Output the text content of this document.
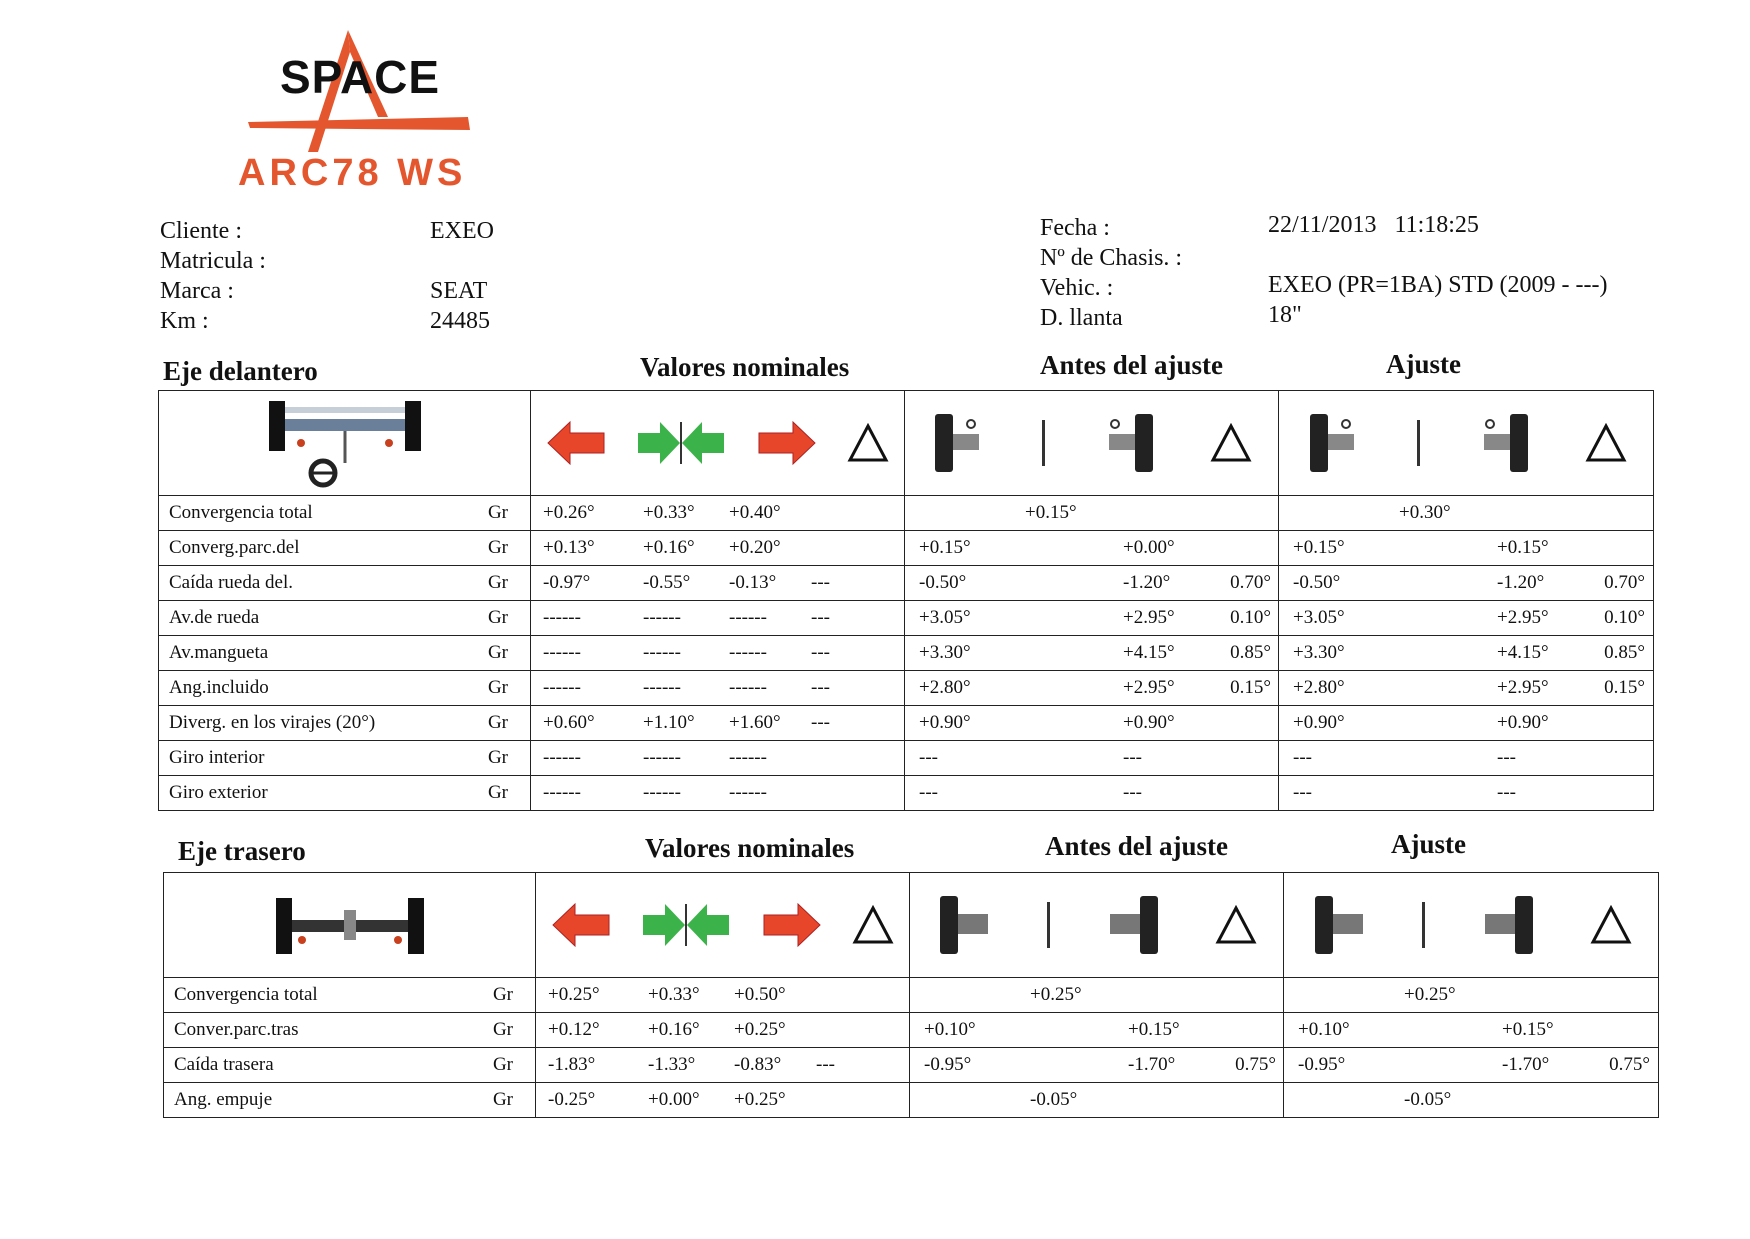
SPACE
ARC78 WS
Cliente :
Matricula :
Marca :
Km :
EXEO
SEAT
24485
Fecha :
Nº de Chasis. :
Vehic. :
D. llanta
22/11/2013 11:18:25
EXEO (PR=1BA) STD (2009 - ---)
18"
Eje delantero	Valores nominales	Antes del ajuste	Ajuste

Convergencia total Gr	+0.26° +0.33° +0.40°	+0.15°	+0.30°

Converg.parc.del Gr	+0.13° +0.16° +0.20°	+0.15° +0.00°	+0.15° +0.15°

Caída rueda del. Gr	-0.97° -0.55° -0.13° ---	-0.50° -1.20° 0.70°	-0.50° -1.20° 0.70°

Av.de rueda Gr	------ ------ ------ ---	+3.05° +2.95° 0.10°	+3.05° +2.95° 0.10°

Av.mangueta Gr	------ ------ ------ ---	+3.30° +4.15° 0.85°	+3.30° +4.15° 0.85°

Ang.incluido Gr	------ ------ ------ ---	+2.80° +2.95° 0.15°	+2.80° +2.95° 0.15°

Diverg. en los virajes (20°) Gr	+0.60° +1.10° +1.60° ---	+0.90° +0.90°	+0.90° +0.90°

Giro interior Gr	------ ------ ------	--- ---	--- ---

Giro exterior Gr	------ ------ ------	--- ---	--- ---
Eje trasero	Valores nominales	Antes del ajuste	Ajuste

Convergencia total Gr	+0.25° +0.33° +0.50°	+0.25°	+0.25°

Conver.parc.tras Gr	+0.12° +0.16° +0.25°	+0.10° +0.15°	+0.10° +0.15°

Caída trasera Gr	-1.83° -1.33° -0.83° ---	-0.95° -1.70° 0.75°	-0.95° -1.70° 0.75°

Ang. empuje Gr	-0.25° +0.00° +0.25°	-0.05°	-0.05°
